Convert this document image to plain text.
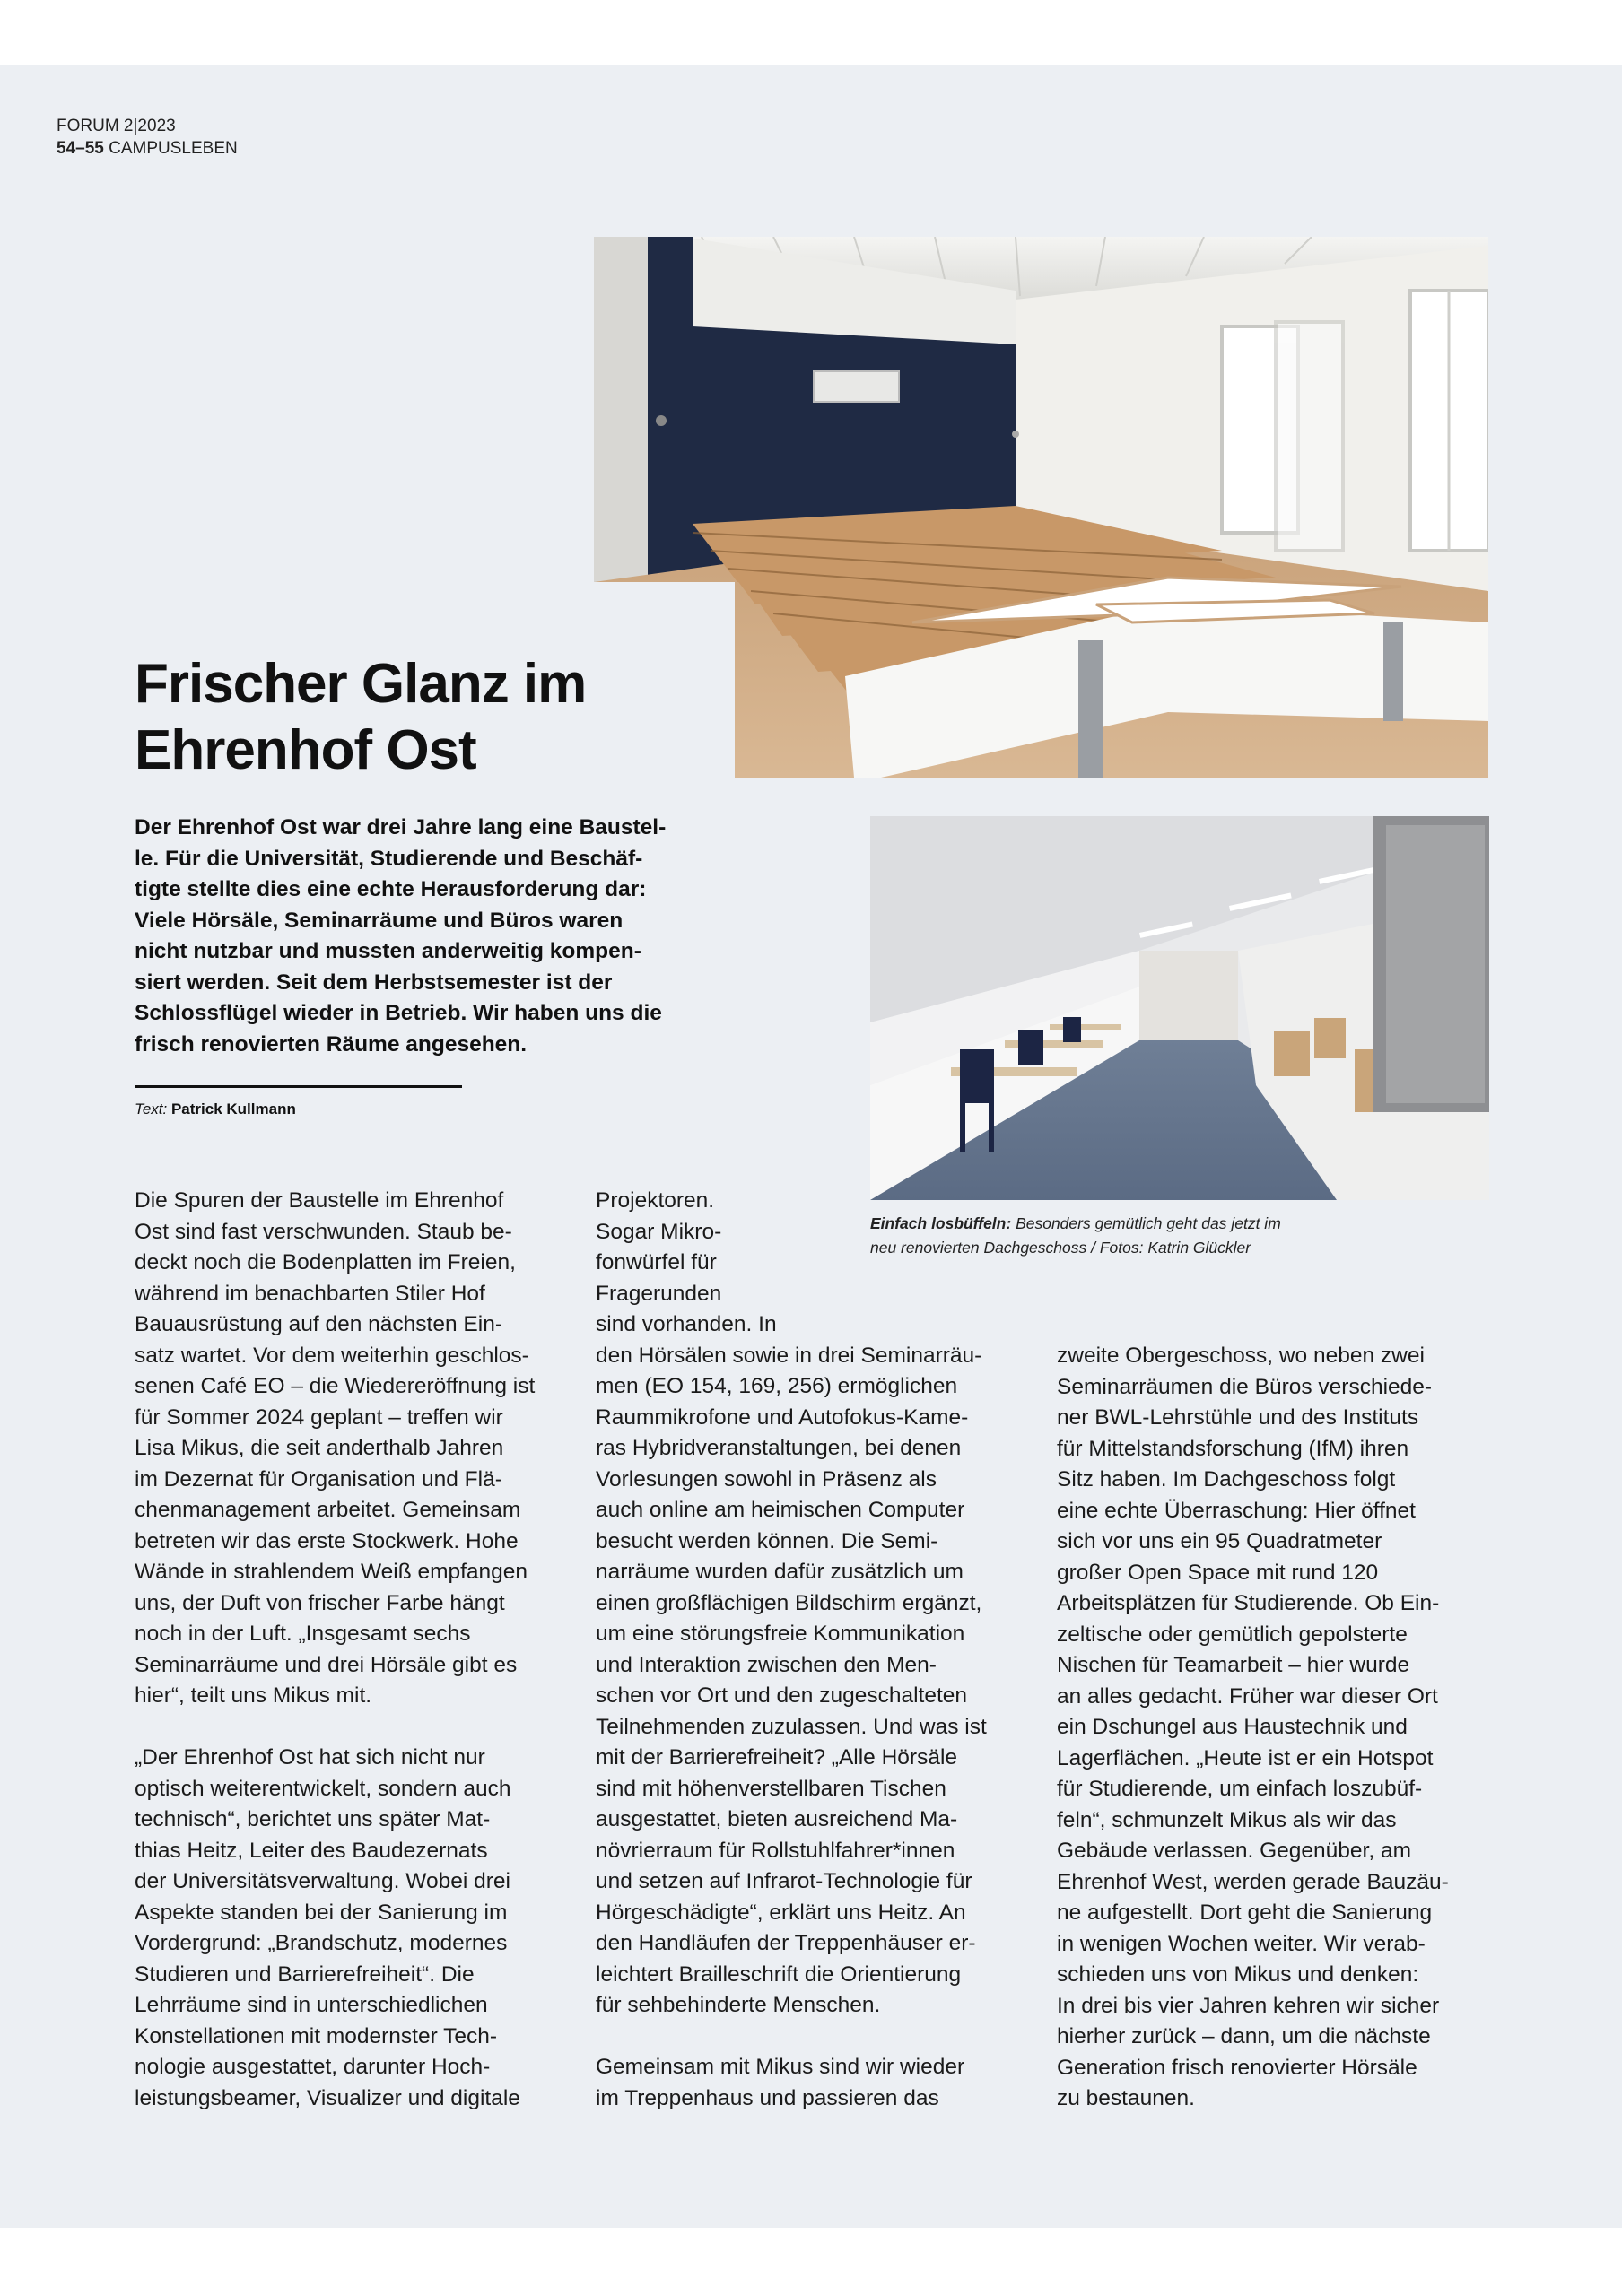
FORUM 2|2023
54–55 CAMPUSLEBEN
Frischer Glanz im
Ehrenhof Ost

Der Ehrenhof Ost war drei Jahre lang eine Baustel-
le. Für die Universität, Studierende und Beschäf-
tigte stellte dies eine echte Herausforderung dar:
Viele Hörsäle, Seminarräume und Büros waren
nicht nutzbar und mussten anderweitig kompen-
siert werden. Seit dem Herbstsemester ist der
Schlossflügel wieder in Betrieb. Wir haben uns die
frisch renovierten Räume angesehen.

Text: Patrick Kullmann
Einfach losbüffeln: Besonders gemütlich geht das jetzt im
neu renovierten Dachgeschoss / Fotos: Katrin Glückler

Die Spuren der Baustelle im Ehrenhof
Ost sind fast verschwunden. Staub be-
deckt noch die Bodenplatten im Freien,
während im benachbarten Stiler Hof
Bauausrüstung auf den nächsten Ein-
satz wartet. Vor dem weiterhin geschlos-
senen Café EO – die Wiedereröffnung ist
für Sommer 2024 geplant – treffen wir
Lisa Mikus, die seit anderthalb Jahren
im Dezernat für Organisation und Flä-
chenmanagement arbeitet. Gemeinsam
betreten wir das erste Stockwerk. Hohe
Wände in strahlendem Weiß empfangen
uns, der Duft von frischer Farbe hängt
noch in der Luft. „Insgesamt sechs
Seminarräume und drei Hörsäle gibt es
hier“, teilt uns Mikus mit.

„Der Ehrenhof Ost hat sich nicht nur
optisch weiterentwickelt, sondern auch
technisch“, berichtet uns später Mat-
thias Heitz, Leiter des Baudezernats
der Universitätsverwaltung. Wobei drei
Aspekte standen bei der Sanierung im
Vordergrund: „Brandschutz, modernes
Studieren und Barrierefreiheit“. Die
Lehrräume sind in unterschiedlichen
Konstellationen mit modernster Tech-
nologie ausgestattet, darunter Hoch-
leistungsbeamer, Visualizer und digitale

Projektoren.
Sogar Mikro-
fonwürfel für
Fragerunden
sind vorhanden. In
den Hörsälen sowie in drei Seminarräu-
men (EO 154, 169, 256) ermöglichen
Raummikrofone und Autofokus-Kame-
ras Hybridveranstaltungen, bei denen
Vorlesungen sowohl in Präsenz als
auch online am heimischen Computer
besucht werden können. Die Semi-
narräume wurden dafür zusätzlich um
einen großflächigen Bildschirm ergänzt,
um eine störungsfreie Kommunikation
und Interaktion zwischen den Men-
schen vor Ort und den zugeschalteten
Teilnehmenden zuzulassen. Und was ist
mit der Barrierefreiheit? „Alle Hörsäle
sind mit höhenverstellbaren Tischen
ausgestattet, bieten ausreichend Ma-
növrierraum für Rollstuhlfahrer*innen
und setzen auf Infrarot-Technologie für
Hörgeschädigte“, erklärt uns Heitz. An
den Handläufen der Treppenhäuser er-
leichtert Brailleschrift die Orientierung
für sehbehinderte Menschen.

Gemeinsam mit Mikus sind wir wieder
im Treppenhaus und passieren das

zweite Obergeschoss, wo neben zwei
Seminarräumen die Büros verschiede-
ner BWL-Lehrstühle und des Instituts
für Mittelstandsforschung (IfM) ihren
Sitz haben. Im Dachgeschoss folgt
eine echte Überraschung: Hier öffnet
sich vor uns ein 95 Quadratmeter
großer Open Space mit rund 120
Arbeitsplätzen für Studierende. Ob Ein-
zeltische oder gemütlich gepolsterte
Nischen für Teamarbeit – hier wurde
an alles gedacht. Früher war dieser Ort
ein Dschungel aus Haustechnik und
Lagerflächen. „Heute ist er ein Hotspot
für Studierende, um einfach loszubüf-
feln“, schmunzelt Mikus als wir das
Gebäude verlassen. Gegenüber, am
Ehrenhof West, werden gerade Bauzäu-
ne aufgestellt. Dort geht die Sanierung
in wenigen Wochen weiter. Wir verab-
schieden uns von Mikus und denken:
In drei bis vier Jahren kehren wir sicher
hierher zurück – dann, um die nächste
Generation frisch renovierter Hörsäle
zu bestaunen.
